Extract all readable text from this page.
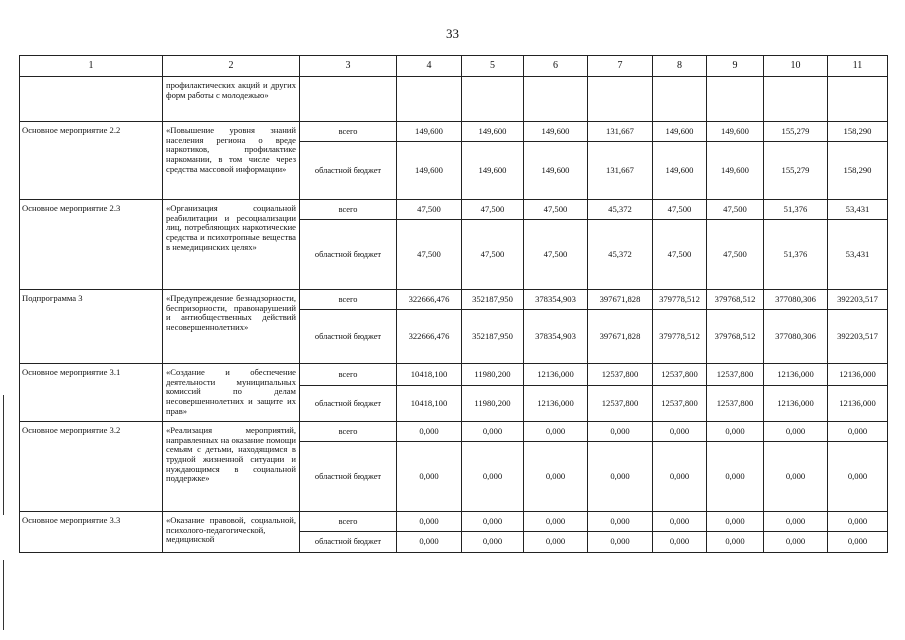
33
1	2	3	4	5	6	7	8	9	10	11
	профилактических акций и других форм работы с молодежью»									
Основное мероприятие 2.2	«Повышение уровня знаний населения региона о вреде наркотиков, профилактике наркомании, в том числе через средства массовой информации»	всего	149,600	149,600	149,600	131,667	149,600	149,600	155,279	158,290
		областной бюджет	149,600	149,600	149,600	131,667	149,600	149,600	155,279	158,290
Основное мероприятие 2.3	«Организация социальной реабилитации и ресоциализации лиц, потребляющих наркотические средства и психотропные вещества в немедицинских целях»	всего	47,500	47,500	47,500	45,372	47,500	47,500	51,376	53,431
		областной бюджет	47,500	47,500	47,500	45,372	47,500	47,500	51,376	53,431
Подпрограмма 3	«Предупреждение безнадзорности, беспризорности, правонарушений и антиобщественных действий несовершеннолетних»	всего	322666,476	352187,950	378354,903	397671,828	379778,512	379768,512	377080,306	392203,517
		областной бюджет	322666,476	352187,950	378354,903	397671,828	379778,512	379768,512	377080,306	392203,517
Основное мероприятие 3.1	«Создание и обеспечение деятельности муниципальных комиссий по делам несовершеннолетних и защите их прав»	всего	10418,100	11980,200	12136,000	12537,800	12537,800	12537,800	12136,000	12136,000
		областной бюджет	10418,100	11980,200	12136,000	12537,800	12537,800	12537,800	12136,000	12136,000
Основное мероприятие 3.2	«Реализация мероприятий, направленных на оказание помощи семьям с детьми, находящимся в трудной жизненной ситуации и нуждающимся в социальной поддержке»	всего	0,000	0,000	0,000	0,000	0,000	0,000	0,000	0,000
		областной бюджет	0,000	0,000	0,000	0,000	0,000	0,000	0,000	0,000
Основное мероприятие 3.3	«Оказание правовой, социальной, психолого-педагогической, медицинской	всего	0,000	0,000	0,000	0,000	0,000	0,000	0,000	0,000
		областной бюджет	0,000	0,000	0,000	0,000	0,000	0,000	0,000	0,000
